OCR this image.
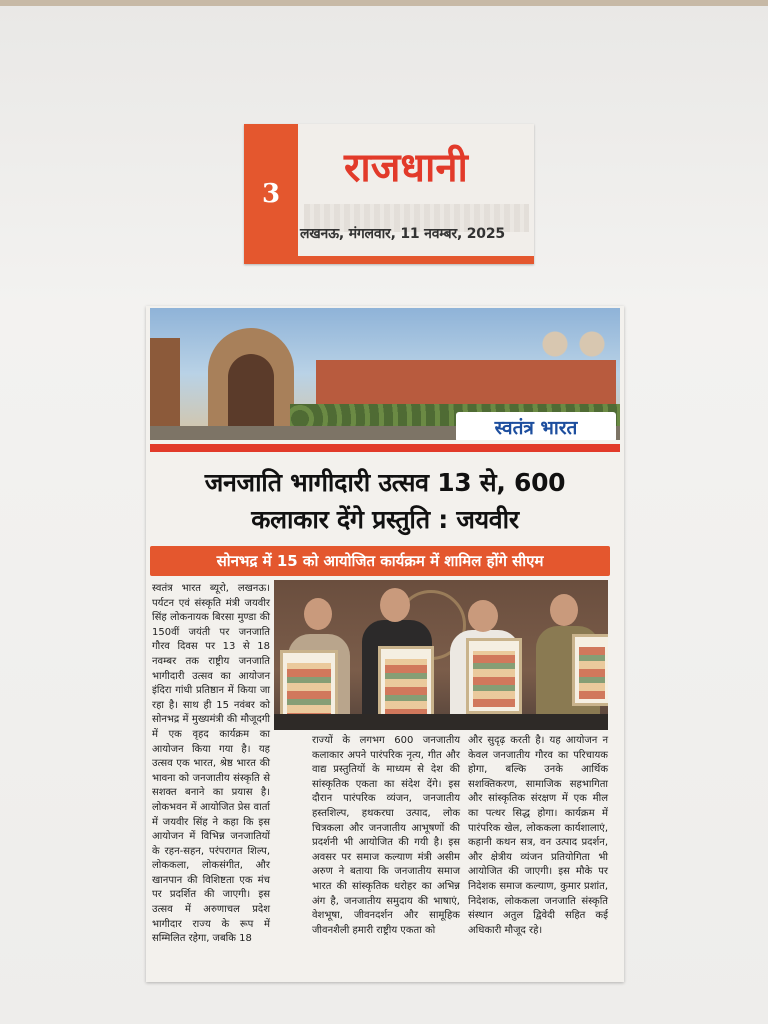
3
राजधानी
लखनऊ, मंगलवार, 11 नवम्बर, 2025
स्वतंत्र भारत
जनजाति भागीदारी उत्सव 13 से, 600
कलाकार देंगे प्रस्तुति : जयवीर
सोनभद्र में 15 को आयोजित कार्यक्रम में शामिल होंगे सीएम
स्वतंत्र भारत ब्यूरो, लखनऊ। पर्यटन एवं संस्कृति मंत्री जयवीर सिंह लोकनायक बिरसा मुण्डा की 150वीं जयंती पर जनजाति गौरव दिवस पर 13 से 18 नवम्बर तक राष्ट्रीय जनजाति भागीदारी उत्सव का आयोजन इंदिरा गांधी प्रतिष्ठान में किया जा रहा है। साथ ही 15 नवंबर को सोनभद्र में मुख्यमंत्री की मौजूदगी में एक वृहद कार्यक्रम का आयोजन किया गया है। यह उत्सव एक भारत, श्रेष्ठ भारत की भावना को जनजातीय संस्कृति से सशक्त बनाने का प्रयास है। लोकभवन में आयोजित प्रेस वार्ता में जयवीर सिंह ने कहा कि इस आयोजन में विभिन्न जनजातियों के रहन-सहन, परंपरागत शिल्प, लोककला, लोकसंगीत, और खानपान की विशिष्टता एक मंच पर प्रदर्शित की जाएगी। इस उत्सव में अरुणाचल प्रदेश भागीदार राज्य के रूप में सम्मिलित रहेगा, जबकि 18
राज्यों के लगभग 600 जनजातीय कलाकार अपने पारंपरिक नृत्य, गीत और वाद्य प्रस्तुतियों के माध्यम से देश की सांस्कृतिक एकता का संदेश देंगे। इस दौरान पारंपरिक व्यंजन, जनजातीय हस्तशिल्प, हथकरघा उत्पाद, लोक चित्रकला और जनजातीय आभूषणों की प्रदर्शनी भी आयोजित की गयी है। इस अवसर पर समाज कल्याण मंत्री असीम अरुण ने बताया कि जनजातीय समाज भारत की सांस्कृतिक धरोहर का अभिन्न अंग है, जनजातीय समुदाय की भाषाएं, वेशभूषा, जीवनदर्शन और सामूहिक जीवनशैली हमारी राष्ट्रीय एकता को
और सुदृढ़ करती है। यह आयोजन न केवल जनजातीय गौरव का परिचायक होगा, बल्कि उनके आर्थिक सशक्तिकरण, सामाजिक सहभागिता और सांस्कृतिक संरक्षण में एक मील का पत्थर सिद्ध होगा। कार्यक्रम में पारंपरिक खेल, लोककला कार्यशालाएं, कहानी कथन सत्र, वन उत्पाद प्रदर्शन, और क्षेत्रीय व्यंजन प्रतियोगिता भी आयोजित की जाएगी। इस मौके पर निदेशक समाज कल्याण, कुमार प्रशांत, निदेशक, लोककला जनजाति संस्कृति संस्थान अतुल द्विवेदी सहित कई अधिकारी मौजूद रहे।
